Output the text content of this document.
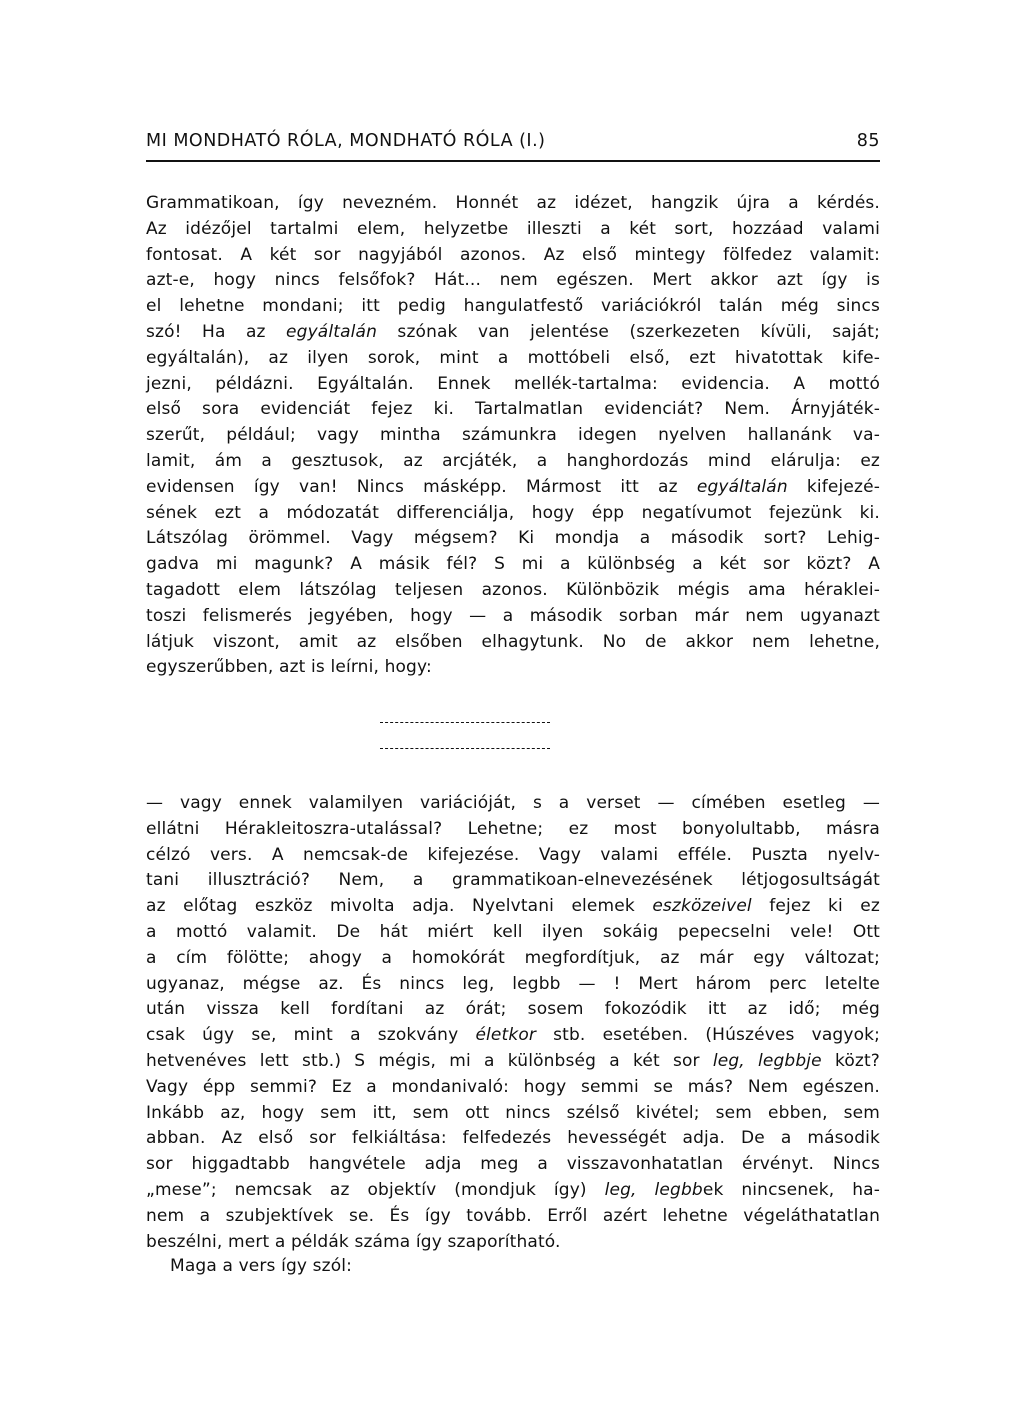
MI MONDHATÓ RÓLA, MONDHATÓ RÓLA (I.)	85
Grammatikoan, így nevezném. Honnét az idézet, hangzik újra a kérdés.
Az idézőjel tartalmi elem, helyzetbe illeszti a két sort, hozzáad valami
fontosat. A két sor nagyjából azonos. Az első mintegy fölfedez valamit:
azt-e, hogy nincs felsőfok? Hát... nem egészen. Mert akkor azt így is
el lehetne mondani; itt pedig hangulatfestő variációkról talán még sincs
szó! Ha az egyáltalán szónak van jelentése (szerkezeten kívüli, saját;
egyáltalán), az ilyen sorok, mint a mottóbeli első, ezt hivatottak kife-
jezni, példázni. Egyáltalán. Ennek mellék-tartalma: evidencia. A mottó
első sora evidenciát fejez ki. Tartalmatlan evidenciát? Nem. Árnyjáték-
szerűt, például; vagy mintha számunkra idegen nyelven hallanánk va-
lamit, ám a gesztusok, az arcjáték, a hanghordozás mind elárulja: ez
evidensen így van! Nincs másképp. Mármost itt az egyáltalán kifejezé-
sének ezt a módozatát differenciálja, hogy épp negatívumot fejezünk ki.
Látszólag örömmel. Vagy mégsem? Ki mondja a második sort? Lehig-
gadva mi magunk? A másik fél? S mi a különbség a két sor közt? A
tagadott elem látszólag teljesen azonos. Különbözik mégis ama héraklei-
toszi felismerés jegyében, hogy — a második sorban már nem ugyanazt
látjuk viszont, amit az elsőben elhagytunk. No de akkor nem lehetne,
egyszerűbben, azt is leírni, hogy:
— vagy ennek valamilyen variációját, s a verset — címében esetleg —
ellátni Hérakleitoszra-utalással? Lehetne; ez most bonyolultabb, másra
célzó vers. A nemcsak-de kifejezése. Vagy valami efféle. Puszta nyelv-
tani illusztráció? Nem, a grammatikoan-elnevezésének létjogosultságát
az előtag eszköz mivolta adja. Nyelvtani elemek eszközeivel fejez ki ez
a mottó valamit. De hát miért kell ilyen sokáig pepecselni vele! Ott
a cím fölötte; ahogy a homokórát megfordítjuk, az már egy változat;
ugyanaz, mégse az. És nincs leg, legbb — ! Mert három perc letelte
után vissza kell fordítani az órát; sosem fokozódik itt az idő; még
csak úgy se, mint a szokvány életkor stb. esetében. (Húszéves vagyok;
hetvenéves lett stb.) S mégis, mi a különbség a két sor leg, legbbje közt?
Vagy épp semmi? Ez a mondanivaló: hogy semmi se más? Nem egészen.
Inkább az, hogy sem itt, sem ott nincs szélső kivétel; sem ebben, sem
abban. Az első sor felkiáltása: felfedezés hevességét adja. De a második
sor higgadtabb hangvétele adja meg a visszavonhatatlan érvényt. Nincs
„mese”; nemcsak az objektív (mondjuk így) leg, legbbek nincsenek, ha-
nem a szubjektívek se. És így tovább. Erről azért lehetne végeláthatatlan
beszélni, mert a példák száma így szaporítható.
Maga a vers így szól:
